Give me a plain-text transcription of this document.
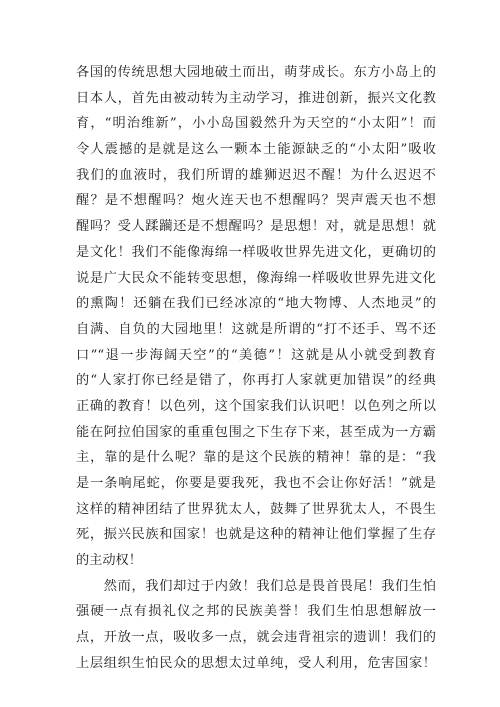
各国的传统思想大园地破土而出，萌芽成长。东方小岛上的
日本人，首先由被动转为主动学习，推进创新，振兴文化教
育，“明治维新”，小小岛国毅然升为天空的“小太阳”！而
令人震撼的是就是这么一颗本土能源缺乏的“小太阳”吸收
我们的血液时，我们所谓的雄狮迟迟不醒！为什么迟迟不
醒？是不想醒吗？炮火连天也不想醒吗？哭声震天也不想
醒吗？受人蹂躏还是不想醒吗？是思想！对，就是思想！就
是文化！我们不能像海绵一样吸收世界先进文化，更确切的
说是广大民众不能转变思想，像海绵一样吸收世界先进文化
的熏陶！还躺在我们已经冰凉的“地大物博、人杰地灵”的
自满、自负的大园地里！这就是所谓的“打不还手、骂不还
口”“退一步海阔天空”的“美德”！这就是从小就受到教育
的“人家打你已经是错了，你再打人家就更加错误”的经典
正确的教育！以色列，这个国家我们认识吧！以色列之所以
能在阿拉伯国家的重重包围之下生存下来，甚至成为一方霸
主，靠的是什么呢？靠的是这个民族的精神！靠的是：“我
是一条响尾蛇，你要是要我死，我也不会让你好活！”就是
这样的精神团结了世界犹太人，鼓舞了世界犹太人，不畏生
死，振兴民族和国家！也就是这种的精神让他们掌握了生存
的主动权！
　　然而，我们却过于内敛！我们总是畏首畏尾！我们生怕
强硬一点有损礼仪之邦的民族美誉！我们生怕思想解放一
点，开放一点，吸收多一点，就会违背祖宗的遗训！我们的
上层组织生怕民众的思想太过单纯，受人利用，危害国家！
